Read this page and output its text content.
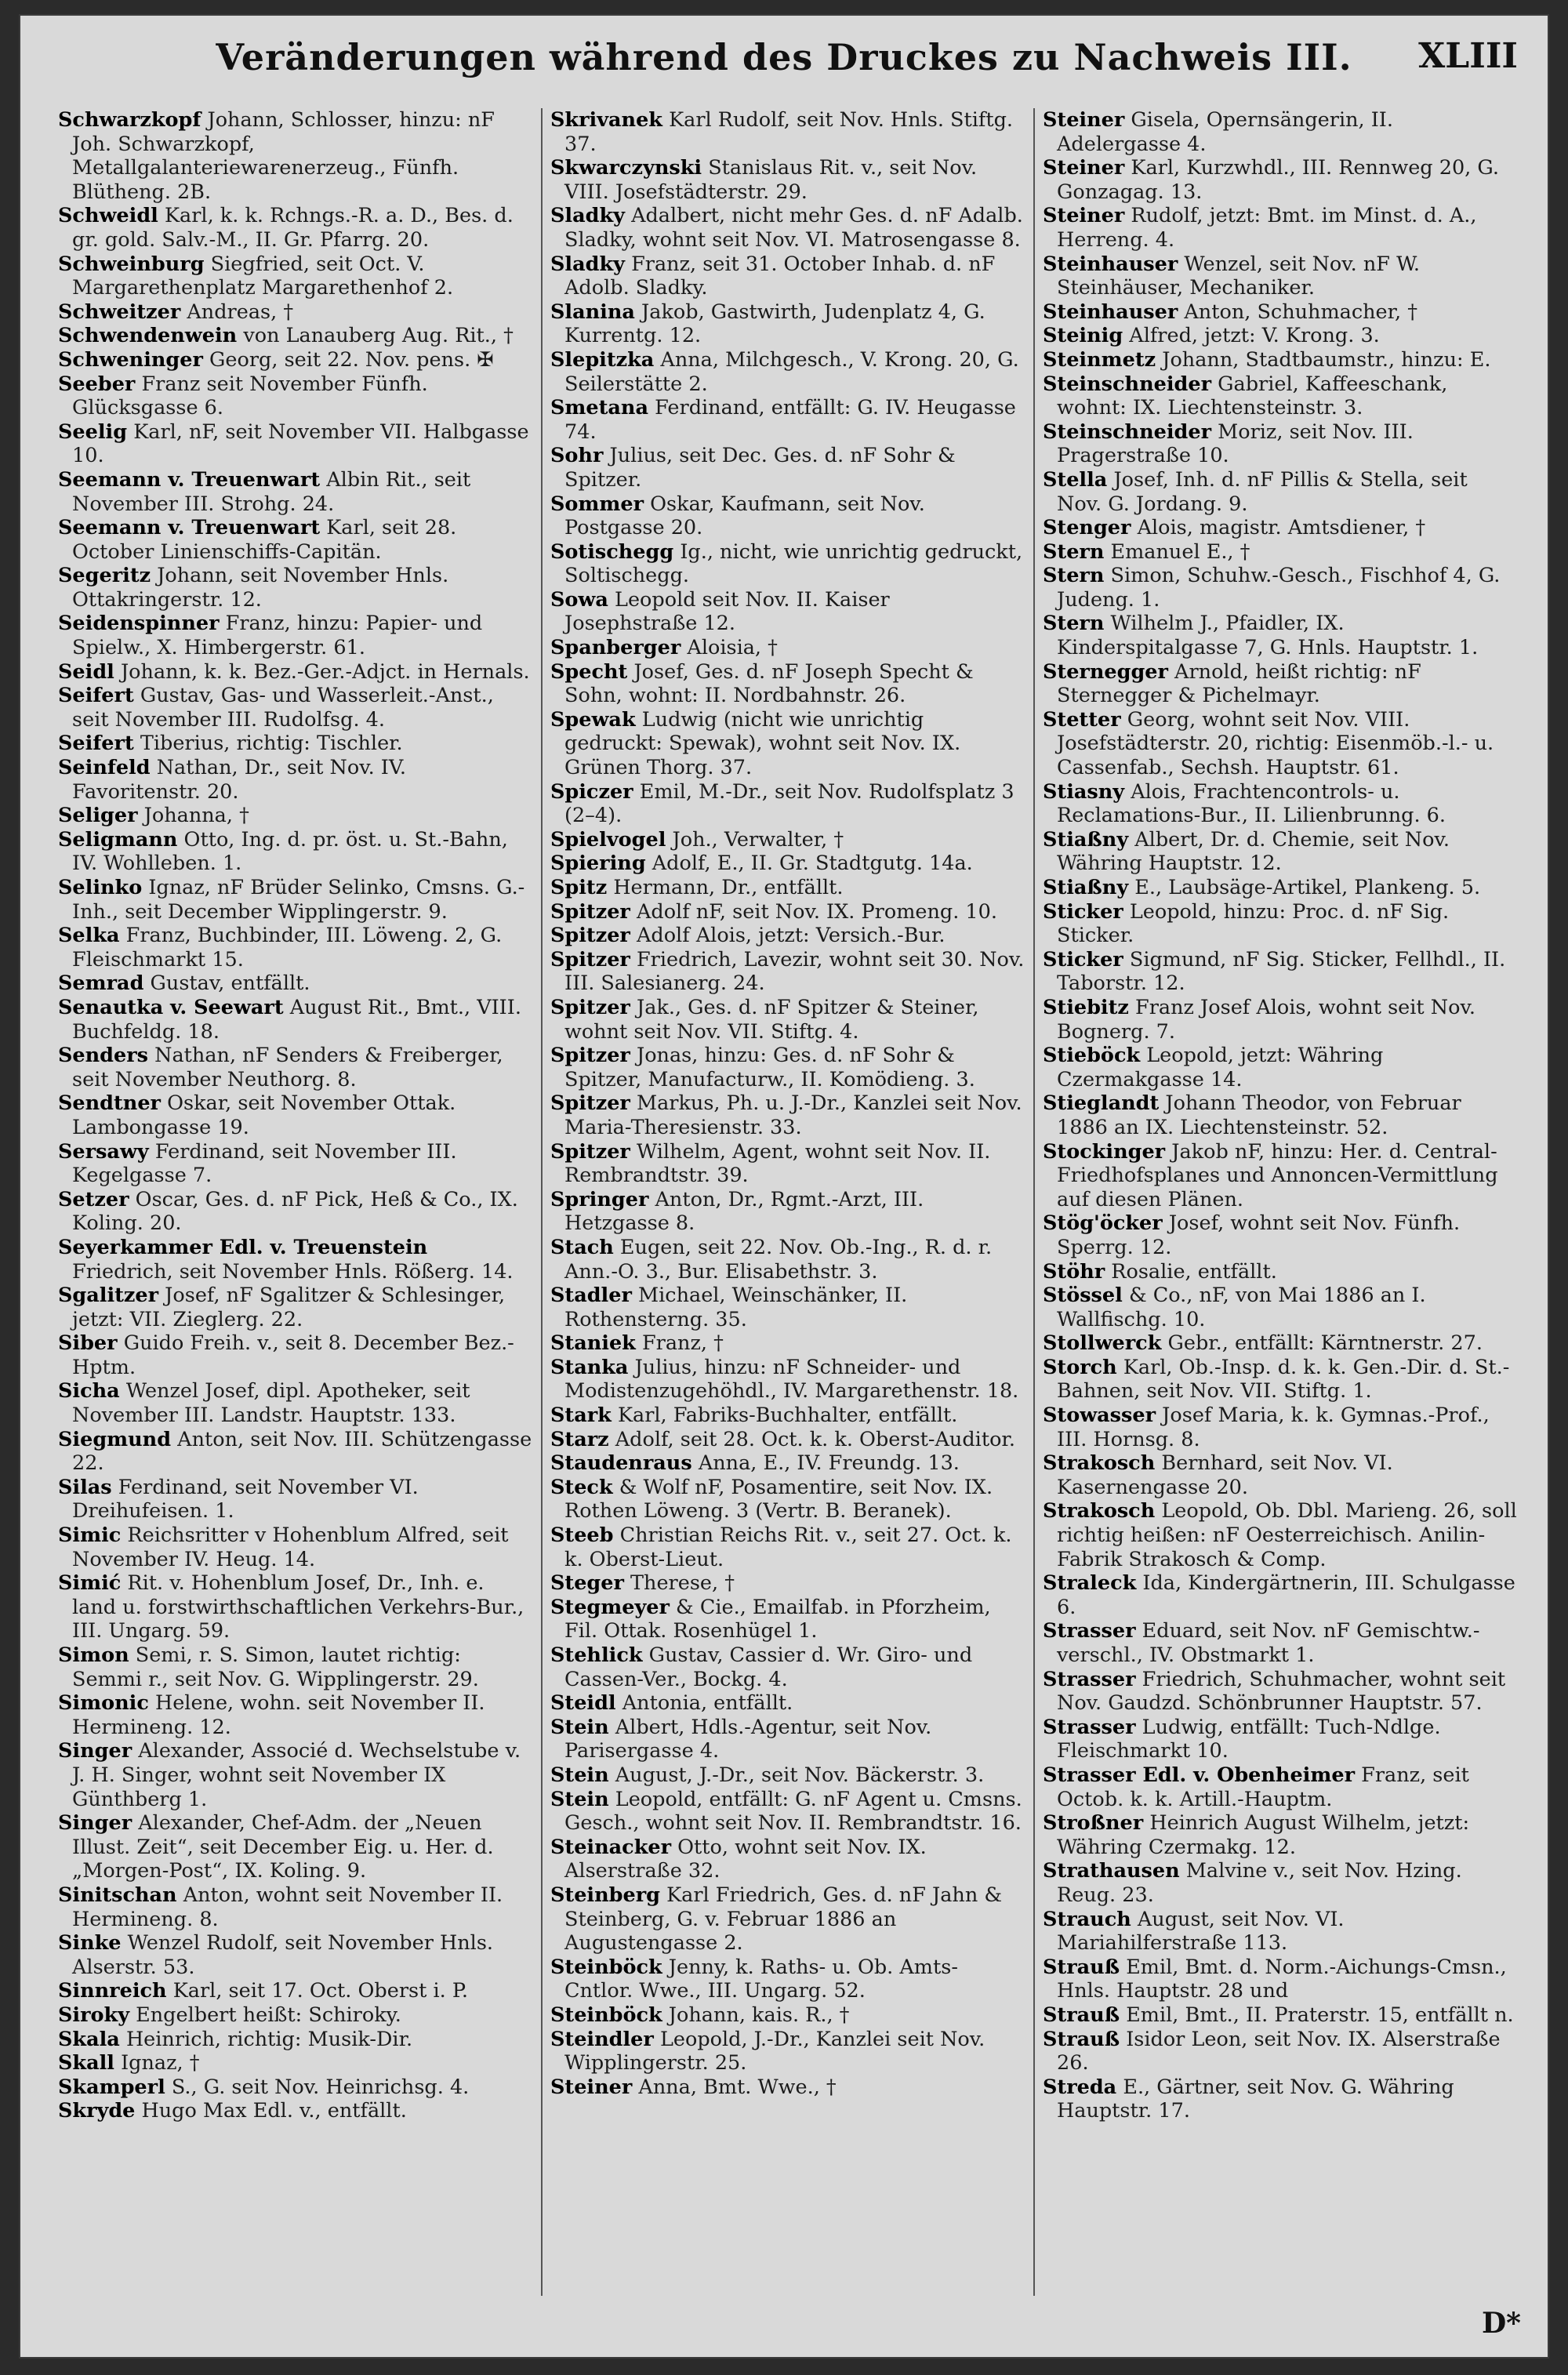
Veränderungen während des Druckes zu Nachweis III.	XLIII

Schwarzkopf Johann, Schlosser, hinzu: nF Joh. Schwarzkopf, Metallgalanteriewarenerzeug., Fünfh. Blütheng. 2B.

Schweidl Karl, k. k. Rchngs.-R. a. D., Bes. d. gr. gold. Salv.-M., II. Gr. Pfarrg. 20.

Schweinburg Siegfried, seit Oct. V. Margarethenplatz Margarethenhof 2.

Schweitzer Andreas, †

Schwendenwein von Lanauberg Aug. Rit., †

Schweninger Georg, seit 22. Nov. pens. ✠

Seeber Franz seit November Fünfh. Glücksgasse 6.

Seelig Karl, nF, seit November VII. Halbgasse 10.

Seemann v. Treuenwart Albin Rit., seit November III. Strohg. 24.

Seemann v. Treuenwart Karl, seit 28. October Linienschiffs-Capitän.

Segeritz Johann, seit November Hnls. Ottakringerstr. 12.

Seidenspinner Franz, hinzu: Papier- und Spielw., X. Himbergerstr. 61.

Seidl Johann, k. k. Bez.-Ger.-Adjct. in Hernals.

Seifert Gustav, Gas- und Wasserleit.-Anst., seit November III. Rudolfsg. 4.

Seifert Tiberius, richtig: Tischler.

Seinfeld Nathan, Dr., seit Nov. IV. Favoritenstr. 20.

Seliger Johanna, †

Seligmann Otto, Ing. d. pr. öst. u. St.-Bahn, IV. Wohlleben. 1.

Selinko Ignaz, nF Brüder Selinko, Cmsns. G.-Inh., seit December Wipplingerstr. 9.

Selka Franz, Buchbinder, III. Löweng. 2, G. Fleischmarkt 15.

Semrad Gustav, entfällt.

Senautka v. Seewart August Rit., Bmt., VIII. Buchfeldg. 18.

Senders Nathan, nF Senders & Freiberger, seit November Neuthorg. 8.

Sendtner Oskar, seit November Ottak. Lambongasse 19.

Sersawy Ferdinand, seit November III. Kegelgasse 7.

Setzer Oscar, Ges. d. nF Pick, Heß & Co., IX. Koling. 20.

Seyerkammer Edl. v. Treuenstein Friedrich, seit November Hnls. Rößerg. 14.

Sgalitzer Josef, nF Sgalitzer & Schlesinger, jetzt: VII. Zieglerg. 22.

Siber Guido Freih. v., seit 8. December Bez.-Hptm.

Sicha Wenzel Josef, dipl. Apotheker, seit November III. Landstr. Hauptstr. 133.

Siegmund Anton, seit Nov. III. Schützengasse 22.

Silas Ferdinand, seit November VI. Dreihufeisen. 1.

Simic Reichsritter v Hohenblum Alfred, seit November IV. Heug. 14.

Simić Rit. v. Hohenblum Josef, Dr., Inh. e. land u. forstwirthschaftlichen Verkehrs-Bur., III. Ungarg. 59.

Simon Semi, r. S. Simon, lautet richtig: Semmi r., seit Nov. G. Wipplingerstr. 29.

Simonic Helene, wohn. seit November II. Hermineng. 12.

Singer Alexander, Associé d. Wechselstube v. J. H. Singer, wohnt seit November IX Günthberg 1.

Singer Alexander, Chef-Adm. der „Neuen Illust. Zeit“, seit December Eig. u. Her. d. „Morgen-Post“, IX. Koling. 9.

Sinitschan Anton, wohnt seit November II. Hermineng. 8.

Sinke Wenzel Rudolf, seit November Hnls. Alserstr. 53.

Sinnreich Karl, seit 17. Oct. Oberst i. P.

Siroky Engelbert heißt: Schiroky.

Skala Heinrich, richtig: Musik-Dir.

Skall Ignaz, †

Skamperl S., G. seit Nov. Heinrichsg. 4.

Skryde Hugo Max Edl. v., entfällt.

Skrivanek Karl Rudolf, seit Nov. Hnls. Stiftg. 37.

Skwarczynski Stanislaus Rit. v., seit Nov. VIII. Josefstädterstr. 29.

Sladky Adalbert, nicht mehr Ges. d. nF Adalb. Sladky, wohnt seit Nov. VI. Matrosengasse 8.

Sladky Franz, seit 31. October Inhab. d. nF Adolb. Sladky.

Slanina Jakob, Gastwirth, Judenplatz 4, G. Kurrentg. 12.

Slepitzka Anna, Milchgesch., V. Krong. 20, G. Seilerstätte 2.

Smetana Ferdinand, entfällt: G. IV. Heugasse 74.

Sohr Julius, seit Dec. Ges. d. nF Sohr & Spitzer.

Sommer Oskar, Kaufmann, seit Nov. Postgasse 20.

Sotischegg Ig., nicht, wie unrichtig gedruckt, Soltischegg.

Sowa Leopold seit Nov. II. Kaiser Josephstraße 12.

Spanberger Aloisia, †

Specht Josef, Ges. d. nF Joseph Specht & Sohn, wohnt: II. Nordbahnstr. 26.

Spewak Ludwig (nicht wie unrichtig gedruckt: Spewak), wohnt seit Nov. IX. Grünen Thorg. 37.

Spiczer Emil, M.-Dr., seit Nov. Rudolfsplatz 3 (2–4).

Spielvogel Joh., Verwalter, †

Spiering Adolf, E., II. Gr. Stadtgutg. 14a.

Spitz Hermann, Dr., entfällt.

Spitzer Adolf nF, seit Nov. IX. Promeng. 10.

Spitzer Adolf Alois, jetzt: Versich.-Bur.

Spitzer Friedrich, Lavezir, wohnt seit 30. Nov. III. Salesianerg. 24.

Spitzer Jak., Ges. d. nF Spitzer & Steiner, wohnt seit Nov. VII. Stiftg. 4.

Spitzer Jonas, hinzu: Ges. d. nF Sohr & Spitzer, Manufacturw., II. Komödieng. 3.

Spitzer Markus, Ph. u. J.-Dr., Kanzlei seit Nov. Maria-Theresienstr. 33.

Spitzer Wilhelm, Agent, wohnt seit Nov. II. Rembrandtstr. 39.

Springer Anton, Dr., Rgmt.-Arzt, III. Hetzgasse 8.

Stach Eugen, seit 22. Nov. Ob.-Ing., R. d. r. Ann.-O. 3., Bur. Elisabethstr. 3.

Stadler Michael, Weinschänker, II. Rothensterng. 35.

Staniek Franz, †

Stanka Julius, hinzu: nF Schneider- und Modistenzugehöhdl., IV. Margarethenstr. 18.

Stark Karl, Fabriks-Buchhalter, entfällt.

Starz Adolf, seit 28. Oct. k. k. Oberst-Auditor.

Staudenraus Anna, E., IV. Freundg. 13.

Steck & Wolf nF, Posamentire, seit Nov. IX. Rothen Löweng. 3 (Vertr. B. Beranek).

Steeb Christian Reichs Rit. v., seit 27. Oct. k. k. Oberst-Lieut.

Steger Therese, †

Stegmeyer & Cie., Emailfab. in Pforzheim, Fil. Ottak. Rosenhügel 1.

Stehlick Gustav, Cassier d. Wr. Giro- und Cassen-Ver., Bockg. 4.

Steidl Antonia, entfällt.

Stein Albert, Hdls.-Agentur, seit Nov. Parisergasse 4.

Stein August, J.-Dr., seit Nov. Bäckerstr. 3.

Stein Leopold, entfällt: G. nF Agent u. Cmsns. Gesch., wohnt seit Nov. II. Rembrandtstr. 16.

Steinacker Otto, wohnt seit Nov. IX. Alserstraße 32.

Steinberg Karl Friedrich, Ges. d. nF Jahn & Steinberg, G. v. Februar 1886 an Augustengasse 2.

Steinböck Jenny, k. Raths- u. Ob. Amts-Cntlor. Wwe., III. Ungarg. 52.

Steinböck Johann, kais. R., †

Steindler Leopold, J.-Dr., Kanzlei seit Nov. Wipplingerstr. 25.

Steiner Anna, Bmt. Wwe., †

Steiner Gisela, Opernsängerin, II. Adelergasse 4.

Steiner Karl, Kurzwhdl., III. Rennweg 20, G. Gonzagag. 13.

Steiner Rudolf, jetzt: Bmt. im Minst. d. A., Herreng. 4.

Steinhauser Wenzel, seit Nov. nF W. Steinhäuser, Mechaniker.

Steinhauser Anton, Schuhmacher, †

Steinig Alfred, jetzt: V. Krong. 3.

Steinmetz Johann, Stadtbaumstr., hinzu: E.

Steinschneider Gabriel, Kaffeeschank, wohnt: IX. Liechtensteinstr. 3.

Steinschneider Moriz, seit Nov. III. Pragerstraße 10.

Stella Josef, Inh. d. nF Pillis & Stella, seit Nov. G. Jordang. 9.

Stenger Alois, magistr. Amtsdiener, †

Stern Emanuel E., †

Stern Simon, Schuhw.-Gesch., Fischhof 4, G. Judeng. 1.

Stern Wilhelm J., Pfaidler, IX. Kinderspitalgasse 7, G. Hnls. Hauptstr. 1.

Sternegger Arnold, heißt richtig: nF Sternegger & Pichelmayr.

Stetter Georg, wohnt seit Nov. VIII. Josefstädterstr. 20, richtig: Eisenmöb.-l.- u. Cassenfab., Sechsh. Hauptstr. 61.

Stiasny Alois, Frachtencontrols- u. Reclamations-Bur., II. Lilienbrunng. 6.

Stiaßny Albert, Dr. d. Chemie, seit Nov. Währing Hauptstr. 12.

Stiaßny E., Laubsäge-Artikel, Plankeng. 5.

Sticker Leopold, hinzu: Proc. d. nF Sig. Sticker.

Sticker Sigmund, nF Sig. Sticker, Fellhdl., II. Taborstr. 12.

Stiebitz Franz Josef Alois, wohnt seit Nov. Bognerg. 7.

Stieböck Leopold, jetzt: Währing Czermakgasse 14.

Stieglandt Johann Theodor, von Februar 1886 an IX. Liechtensteinstr. 52.

Stockinger Jakob nF, hinzu: Her. d. Central-Friedhofsplanes und Annoncen-Vermittlung auf diesen Plänen.

Stög'öcker Josef, wohnt seit Nov. Fünfh. Sperrg. 12.

Stöhr Rosalie, entfällt.

Stössel & Co., nF, von Mai 1886 an I. Wallfischg. 10.

Stollwerck Gebr., entfällt: Kärntnerstr. 27.

Storch Karl, Ob.-Insp. d. k. k. Gen.-Dir. d. St.-Bahnen, seit Nov. VII. Stiftg. 1.

Stowasser Josef Maria, k. k. Gymnas.-Prof., III. Hornsg. 8.

Strakosch Bernhard, seit Nov. VI. Kasernengasse 20.

Strakosch Leopold, Ob. Dbl. Marieng. 26, soll richtig heißen: nF Oesterreichisch. Anilin-Fabrik Strakosch & Comp.

Straleck Ida, Kindergärtnerin, III. Schulgasse 6.

Strasser Eduard, seit Nov. nF Gemischtw.-verschl., IV. Obstmarkt 1.

Strasser Friedrich, Schuhmacher, wohnt seit Nov. Gaudzd. Schönbrunner Hauptstr. 57.

Strasser Ludwig, entfällt: Tuch-Ndlge. Fleischmarkt 10.

Strasser Edl. v. Obenheimer Franz, seit Octob. k. k. Artill.-Hauptm.

Stroßner Heinrich August Wilhelm, jetzt: Währing Czermakg. 12.

Strathausen Malvine v., seit Nov. Hzing. Reug. 23.

Strauch August, seit Nov. VI. Mariahilferstraße 113.

Strauß Emil, Bmt. d. Norm.-Aichungs-Cmsn., Hnls. Hauptstr. 28 und

Strauß Emil, Bmt., II. Praterstr. 15, entfällt n.

Strauß Isidor Leon, seit Nov. IX. Alserstraße 26.

Streda E., Gärtner, seit Nov. G. Währing Hauptstr. 17.

D*
